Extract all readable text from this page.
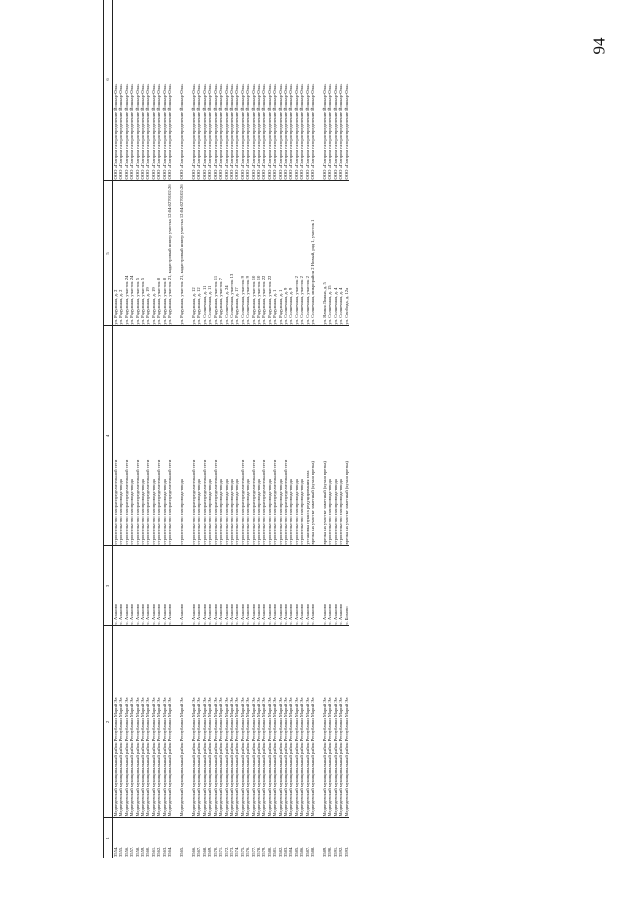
94
1	2	3	4	5	6		
3554.	Медведевский муниципальный район Республики Марий Эл	с. Азаново	строительство газораспределительной сети	ул. Радужная, д. 2	ООО «Газпром газораспределение Йошкар-Ола»		
3555.	Медведевский муниципальный район Республики Марий Эл	с. Азаново	строительство газопровода-ввода	ул. Радужная, д. 2	ООО «Газпром газораспределение Йошкар-Ола»		
3556.	Медведевский муниципальный район Республики Марий Эл	с. Азаново	строительство газораспределительной сети	ул. Радужная, участок 24	ООО «Газпром газораспределение Йошкар-Ола»		
3557.	Медведевский муниципальный район Республики Марий Эл	с. Азаново	строительство газопровода-ввода	ул. Радужная, участок 24	ООО «Газпром газораспределение Йошкар-Ола»		
3558.	Медведевский муниципальный район Республики Марий Эл	с. Азаново	строительство газораспределительной сети	ул. Радужная, участок 5	ООО «Газпром газораспределение Йошкар-Ола»		
3559.	Медведевский муниципальный район Республики Марий Эл	с. Азаново	строительство газопровода-ввода	ул. Радужная, участок 5	ООО «Газпром газораспределение Йошкар-Ола»		
3560.	Медведевский муниципальный район Республики Марий Эл	с. Азаново	строительство газораспределительной сети	ул. Радужная, д. 19	ООО «Газпром газораспределение Йошкар-Ола»		
3561.	Медведевский муниципальный район Республики Марий Эл	с. Азаново	строительство газопровода-ввода	ул. Радужная, д. 19	ООО «Газпром газораспределение Йошкар-Ола»		
3562.	Медведевский муниципальный район Республики Марий Эл	с. Азаново	строительство газораспределительной сети	ул. Радужная, участок 8	ООО «Газпром газораспределение Йошкар-Ола»		
3563.	Медведевский муниципальный район Республики Марий Эл	с. Азаново	строительство газопровода-ввода	ул. Радужная, участок 8	ООО «Газпром газораспределение Йошкар-Ола»		
3564.	Медведевский муниципальный район Республики Марий Эл	с. Азаново	строительство газораспределительной сети	ул. Радужная, участок 21, кадастровый номер участка 12:04:0270102:26	ООО «Газпром газораспределение Йошкар-Ола»		
3565.	Медведевский муниципальный район Республики Марий Эл	с. Азаново	строительство газопровода-ввода	ул. Радужная, участок 21, кадастровый номер участка 12:04:0270102:26	ООО «Газпром газораспределение Йошкар-Ола»		
3566.	Медведевский муниципальный район Республики Марий Эл	с. Азаново	строительство газораспределительной сети	ул. Радужная, д. 12	ООО «Газпром газораспределение Йошкар-Ола»		
3567.	Медведевский муниципальный район Республики Марий Эл	с. Азаново	строительство газопровода-ввода	ул. Радужная, д. 12	ООО «Газпром газораспределение Йошкар-Ола»		
3568.	Медведевский муниципальный район Республики Марий Эл	с. Азаново	строительство газораспределительной сети	ул. Солнечная, д. 11	ООО «Газпром газораспределение Йошкар-Ола»		
3569.	Медведевский муниципальный район Республики Марий Эл	с. Азаново	строительство газопровода-ввода	ул. Солнечная, д. 11	ООО «Газпром газораспределение Йошкар-Ола»		
3570.	Медведевский муниципальный район Республики Марий Эл	с. Азаново	строительство газораспределительной сети	ул. Радужная, участок 11	ООО «Газпром газораспределение Йошкар-Ола»		
3571.	Медведевский муниципальный район Республики Марий Эл	с. Азаново	строительство газопровода-ввода	ул. Радужная, участок 7	ООО «Газпром газораспределение Йошкар-Ола»		
3572.	Медведевский муниципальный район Республики Марий Эл	с. Азаново	строительство газопровода-ввода	ул. Солнечная, д. 24	ООО «Газпром газораспределение Йошкар-Ола»		
3573.	Медведевский муниципальный район Республики Марий Эл	с. Азаново	строительство газопровода-ввода	ул. Солнечная, участок 13	ООО «Газпром газораспределение Йошкар-Ола»		
3574.	Медведевский муниципальный район Республики Марий Эл	с. Азаново	строительство газопровода-ввода	ул. Радужная, д. 17	ООО «Газпром газораспределение Йошкар-Ола»		
3575.	Медведевский муниципальный район Республики Марий Эл	с. Азаново	строительство газораспределительной сети	ул. Солнечная, участок 9	ООО «Газпром газораспределение Йошкар-Ола»		
3576.	Медведевский муниципальный район Республики Марий Эл	с. Азаново	строительство газопровода-ввода	ул. Солнечная, участок 9	ООО «Газпром газораспределение Йошкар-Ола»		
3577.	Медведевский муниципальный район Республики Марий Эл	с. Азаново	строительство газораспределительной сети	ул. Радужная, участок 10	ООО «Газпром газораспределение Йошкар-Ола»		
3578.	Медведевский муниципальный район Республики Марий Эл	с. Азаново	строительство газопровода-ввода	ул. Радужная, участок 10	ООО «Газпром газораспределение Йошкар-Ола»		
3579.	Медведевский муниципальный район Республики Марий Эл	с. Азаново	строительство газораспределительной сети	ул. Радужная, участок 22	ООО «Газпром газораспределение Йошкар-Ола»		
3580.	Медведевский муниципальный район Республики Марий Эл	с. Азаново	строительство газопровода-ввода	ул. Радужная, участок 22	ООО «Газпром газораспределение Йошкар-Ола»		
3581.	Медведевский муниципальный район Республики Марий Эл	с. Азаново	строительство газораспределительной сети	ул. Радужная, д. 1	ООО «Газпром газораспределение Йошкар-Ола»		
3582.	Медведевский муниципальный район Республики Марий Эл	с. Азаново	строительство газопровода-ввода	ул. Радужная, д. 1	ООО «Газпром газораспределение Йошкар-Ола»		
3583.	Медведевский муниципальный район Республики Марий Эл	с. Азаново	строительство газораспределительной сети	ул. Солнечная, д. 9	ООО «Газпром газораспределение Йошкар-Ола»		
3584.	Медведевский муниципальный район Республики Марий Эл	с. Азаново	строительство газопровода-ввода	ул. Солнечная, д. 9	ООО «Газпром газораспределение Йошкар-Ола»		
3585.	Медведевский муниципальный район Республики Марий Эл	с. Азаново	строительство газопровода-ввода	ул. Солнечная, участок 2	ООО «Газпром газораспределение Йошкар-Ола»		
3586.	Медведевский муниципальный район Республики Марий Эл	с. Азаново	строительство газопровода-ввода	ул. Солнечная, участок 2	ООО «Газпром газораспределение Йошкар-Ола»		
3587.	Медведевский муниципальный район Республики Марий Эл	с. Азаново	установка пункта редуцирования газа	ул. Солнечная, участок 2	ООО «Газпром газораспределение Йошкар-Ола»		
3588.	Медведевский муниципальный район Республики Марий Эл	с. Азаново	врезка на участке заметный (кухня врезка)	ул. Солнечная, микрорайон 2 Новый, ряд 1, участок 1	ООО «Газпром газораспределение Йошкар-Ола»		
3589.	Медведевский муниципальный район Республики Марий Эл	с. Азаново	врезка на участке заметный (кухня врезка)	ул. Ялиня Ложна, д. 5	ООО «Газпром газораспределение Йошкар-Ола»		
3590.	Медведевский муниципальный район Республики Марий Эл	с. Азаново	строительство газопровода-ввода	ул. Солнечная, д. 15	ООО «Газпром газораспределение Йошкар-Ола»		
3591.	Медведевский муниципальный район Республики Марий Эл	с. Азаново	строительство газопровода-ввода	ул. Солнечная, д. 4	ООО «Газпром газораспределение Йошкар-Ола»		
3592.	Медведевский муниципальный район Республики Марий Эл	с. Азаново	строительство газопровода-ввода	ул. Солнечная, д. 4	ООО «Газпром газораспределение Йошкар-Ола»		
3593.	Медведевский муниципальный район Республики Марий Эл	с. Бохово	врезка на участке заметный (кухня врезка)	ул. Свобода, д. 12а	ООО «Газпром газораспределение Йошкар-Ола»		
